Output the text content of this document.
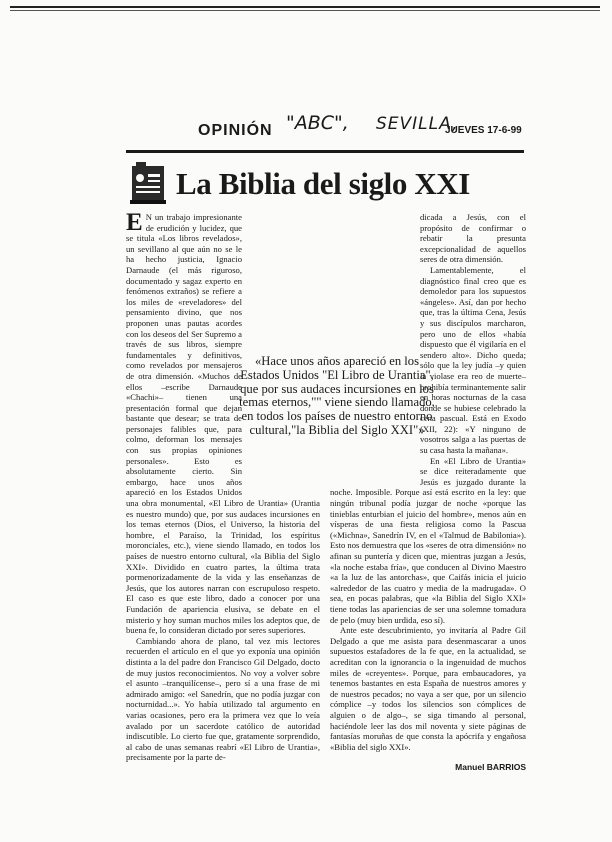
OPINIÓN "ABC", SEVILLA,
JUEVES 17-6-99
La Biblia del siglo XXI

E N un trabajo impresionante de erudición y lucidez, que se titula «Los libros revelados», un sevillano al que aún no se le ha hecho justicia, Ignacio Darnaude (el más riguroso, documentado y sagaz experto en fenómenos extraños) se refiere a los miles de «reveladores» del pensamiento divino, que nos proponen unas pautas acordes con los deseos del Ser Supremo a través de sus libros, siempre fundamentales y definitivos, como revelados por mensajeros de otra dimensión. «Muchos de ellos –escribe Darnaude «Chachi»– tienen una presentación formal que dejan bastante que desear; se trata de personajes falibles que, para colmo, deforman los mensajes con sus propias opiniones personales». Esto es absolutamente cierto. Sin embargo, hace unos años apareció en los Estados Unidos una obra monumental, «El Libro de Urantia» (Urantia es nuestro mundo) que, por sus audaces incursiones en los temas eternos (Dios, el Universo, la historia del hombre, el Paraíso, la Trinidad, los espíritus moronciales, etc.), viene siendo llamado, en todos los países de nuestro entorno cultural, «la Biblia del Siglo XXI». Dividido en cuatro partes, la última trata pormenorizadamente de la vida y las enseñanzas de Jesús, que los autores narran con escrupuloso respeto. El caso es que este libro, dado a conocer por una Fundación de apariencia elusiva, se debate en el misterio y hoy suman muchos miles los adeptos que, de buena fe, lo consideran dictado por seres superiores.

Cambiando ahora de plano, tal vez mis lectores recuerden el artículo en el que yo exponía una opinión distinta a la del padre don Francisco Gil Delgado, docto de muy justos reconocimientos. No voy a volver sobre el asunto –tranquilícense–, pero sí a una frase de mi admirado amigo: «el Sanedrín, que no podía juzgar con nocturnidad...». Yo había utilizado tal argumento en varias ocasiones, pero era la primera vez que lo veía avalado por un sacerdote católico de autoridad indiscutible. Lo cierto fue que, gratamente sorprendido, al cabo de unas semanas reabrí «El Libro de Urantia», precisamente por la parte de-

dicada a Jesús, con el propósito de confirmar o rebatir la presunta excepcionalidad de aquellos seres de otra dimensión.

Lamentablemente, el diagnóstico final creo que es demoledor para los supuestos «ángeles». Así, dan por hecho que, tras la última Cena, Jesús y sus discípulos marcharon, pero uno de ellos «había dispuesto que él vigilaría en el sendero alto». Dicho queda; sólo que la ley judía –y quien la violase era reo de muerte– prohibía terminantemente salir en horas nocturnas de la casa donde se hubiese celebrado la cena pascual. Está en Exodo (XII, 22): «Y ninguno de vosotros salga a las puertas de su casa hasta la mañana».

En «El Libro de Urantia» se dice reiteradamente que Jesús es juzgado durante la noche. Imposible. Porque así está escrito en la ley: que ningún tribunal podía juzgar de noche «porque las tinieblas enturbian el juicio del hombre», menos aún en vísperas de una fiesta religiosa como la Pascua («Michna», Sanedrín IV, en el «Talmud de Babilonia»). Esto nos demuestra que los «seres de otra dimensión» no afinan su puntería y dicen que, mientras juzgan a Jesús, «la noche estaba fría», que conducen al Divino Maestro «a la luz de las antorchas», que Caifás inicia el juicio «alrededor de las cuatro y media de la madrugada». O sea, en pocas palabras, que «la Biblia del Siglo XXI» tiene todas las apariencias de ser una solemne tomadura de pelo (muy bien urdida, eso sí).

Ante este descubrimiento, yo invitaría al Padre Gil Delgado a que me asista para desenmascarar a unos supuestos estafadores de la fe que, en la actualidad, se acreditan con la ignorancia o la ingenuidad de muchos miles de «creyentes». Porque, para embaucadores, ya tenemos bastantes en esta España de nuestros amores y de nuestros pecados; no vaya a ser que, por un silencio cómplice –y todos los silencios son cómplices de alguien o de algo–, se siga timando al personal, haciéndole leer las dos mil noventa y siete páginas de fantasías moruñas de que consta la apócrifa y engañosa «Biblia del siglo XXI».

«Hace unos años apareció en los Estados Unidos "El Libro de Urantia", que por sus audaces incursiones en los temas eternos,"" viene siendo llamado, en todos los países de nuestro entorno cultural,"la Biblia del Siglo XXI"»

Manuel BARRIOS
